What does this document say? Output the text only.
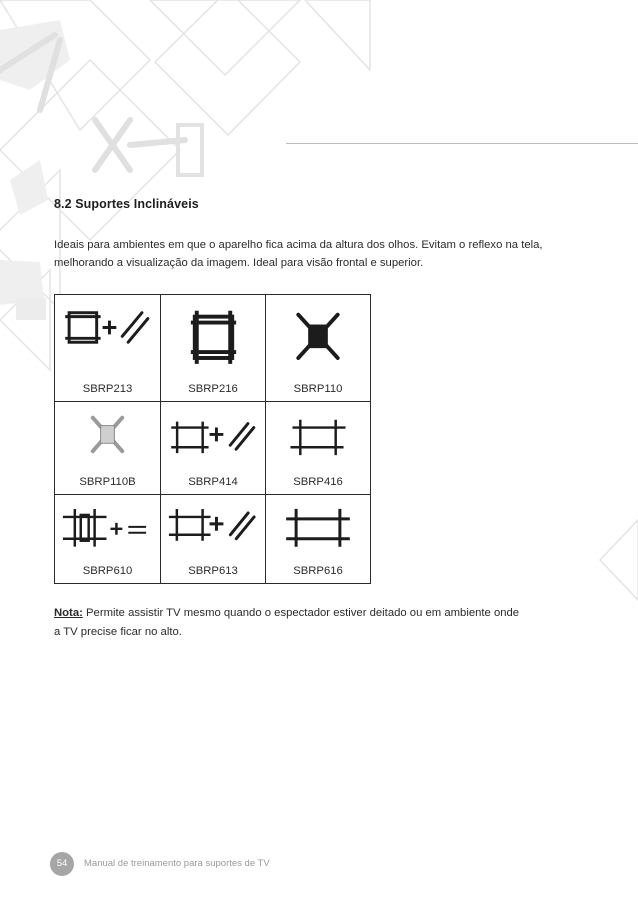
8.2 Suportes Inclináveis
Ideais para ambientes em que o aparelho fica acima da altura dos olhos. Evitam o reflexo na tela, melhorando a visualização da imagem. Ideal para visão frontal e superior.
SBRP213	SBRP216	SBRP110
SBRP110B	SBRP414	SBRP416
SBRP610	SBRP613	SBRP616
Nota: Permite assistir TV mesmo quando o espectador estiver deitado ou em ambiente onde a TV precise ficar no alto.
54	Manual de treinamento para suportes de TV
